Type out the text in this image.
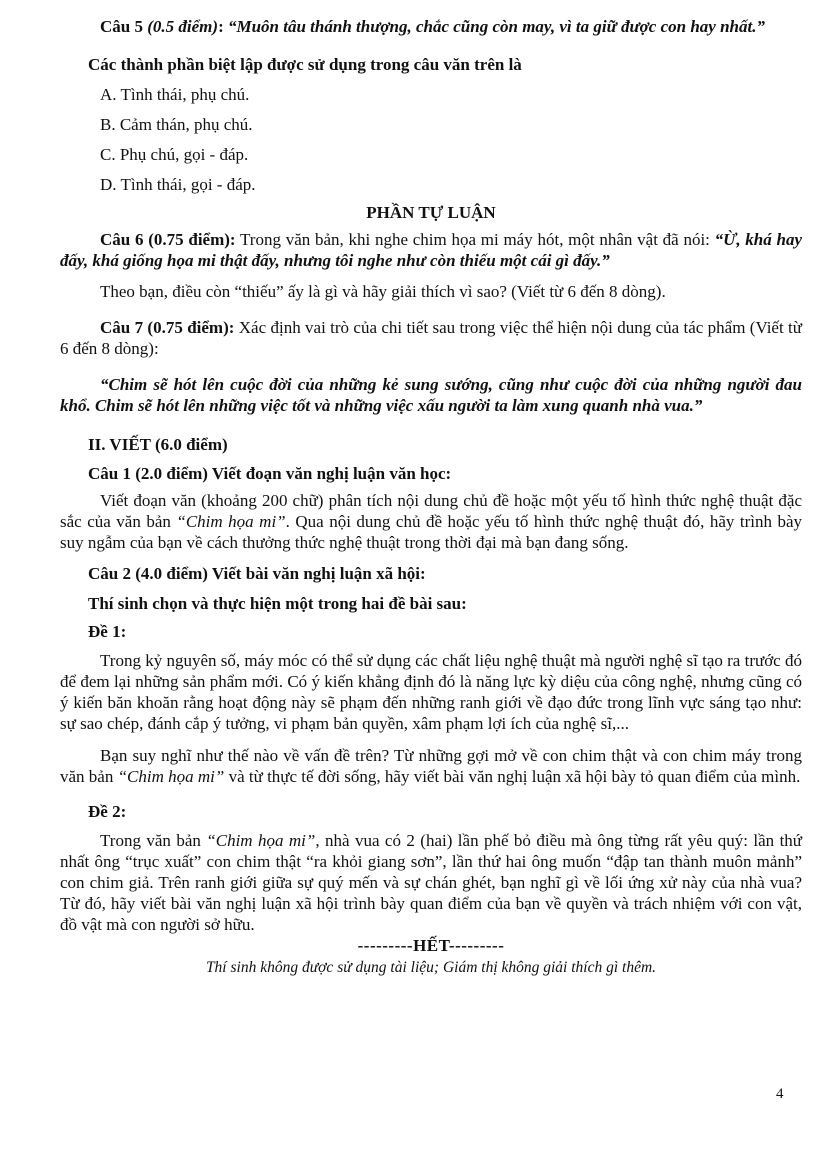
Câu 5 (0.5 điểm): “Muôn tâu thánh thượng, chắc cũng còn may, vì ta giữ được con hay nhất.”

Các thành phần biệt lập được sử dụng trong câu văn trên là

A. Tình thái, phụ chú.

B. Cảm thán, phụ chú.

C. Phụ chú, gọi - đáp.

D. Tình thái, gọi - đáp.

PHẦN TỰ LUẬN

Câu 6 (0.75 điểm): Trong văn bản, khi nghe chim họa mi máy hót, một nhân vật đã nói: “Ừ, khá hay đấy, khá giống họa mi thật đấy, nhưng tôi nghe như còn thiếu một cái gì đấy.”

Theo bạn, điều còn “thiếu” ấy là gì và hãy giải thích vì sao? (Viết từ 6 đến 8 dòng).

Câu 7 (0.75 điểm): Xác định vai trò của chi tiết sau trong việc thể hiện nội dung của tác phẩm (Viết từ 6 đến 8 dòng):

“Chim sẽ hót lên cuộc đời của những kẻ sung sướng, cũng như cuộc đời của những người đau khổ. Chim sẽ hót lên những việc tốt và những việc xấu người ta làm xung quanh nhà vua.”

II. VIẾT (6.0 điểm)

Câu 1 (2.0 điểm) Viết đoạn văn nghị luận văn học:

Viết đoạn văn (khoảng 200 chữ) phân tích nội dung chủ đề hoặc một yếu tố hình thức nghệ thuật đặc sắc của văn bản “Chim họa mi”. Qua nội dung chủ đề hoặc yếu tố hình thức nghệ thuật đó, hãy trình bày suy ngẫm của bạn về cách thưởng thức nghệ thuật trong thời đại mà bạn đang sống.

Câu 2 (4.0 điểm) Viết bài văn nghị luận xã hội:

Thí sinh chọn và thực hiện một trong hai đề bài sau:

Đề 1:

Trong kỷ nguyên số, máy móc có thể sử dụng các chất liệu nghệ thuật mà người nghệ sĩ tạo ra trước đó để đem lại những sản phẩm mới. Có ý kiến khẳng định đó là năng lực kỳ diệu của công nghệ, nhưng cũng có ý kiến băn khoăn rằng hoạt động này sẽ phạm đến những ranh giới về đạo đức trong lĩnh vực sáng tạo như: sự sao chép, đánh cắp ý tưởng, vi phạm bản quyền, xâm phạm lợi ích của nghệ sĩ,...

Bạn suy nghĩ như thế nào về vấn đề trên? Từ những gợi mở về con chim thật và con chim máy trong văn bản “Chim họa mi” và từ thực tế đời sống, hãy viết bài văn nghị luận xã hội bày tỏ quan điểm của mình.

Đề 2:

Trong văn bản “Chim họa mi”, nhà vua có 2 (hai) lần phế bỏ điều mà ông từng rất yêu quý: lần thứ nhất ông “trục xuất” con chim thật “ra khỏi giang sơn”, lần thứ hai ông muốn “đập tan thành muôn mảnh” con chim giả. Trên ranh giới giữa sự quý mến và sự chán ghét, bạn nghĩ gì về lối ứng xử này của nhà vua? Từ đó, hãy viết bài văn nghị luận xã hội trình bày quan điểm của bạn về quyền và trách nhiệm với con vật, đồ vật mà con người sở hữu.

---------HẾT---------

Thí sinh không được sử dụng tài liệu; Giám thị không giải thích gì thêm.

4
